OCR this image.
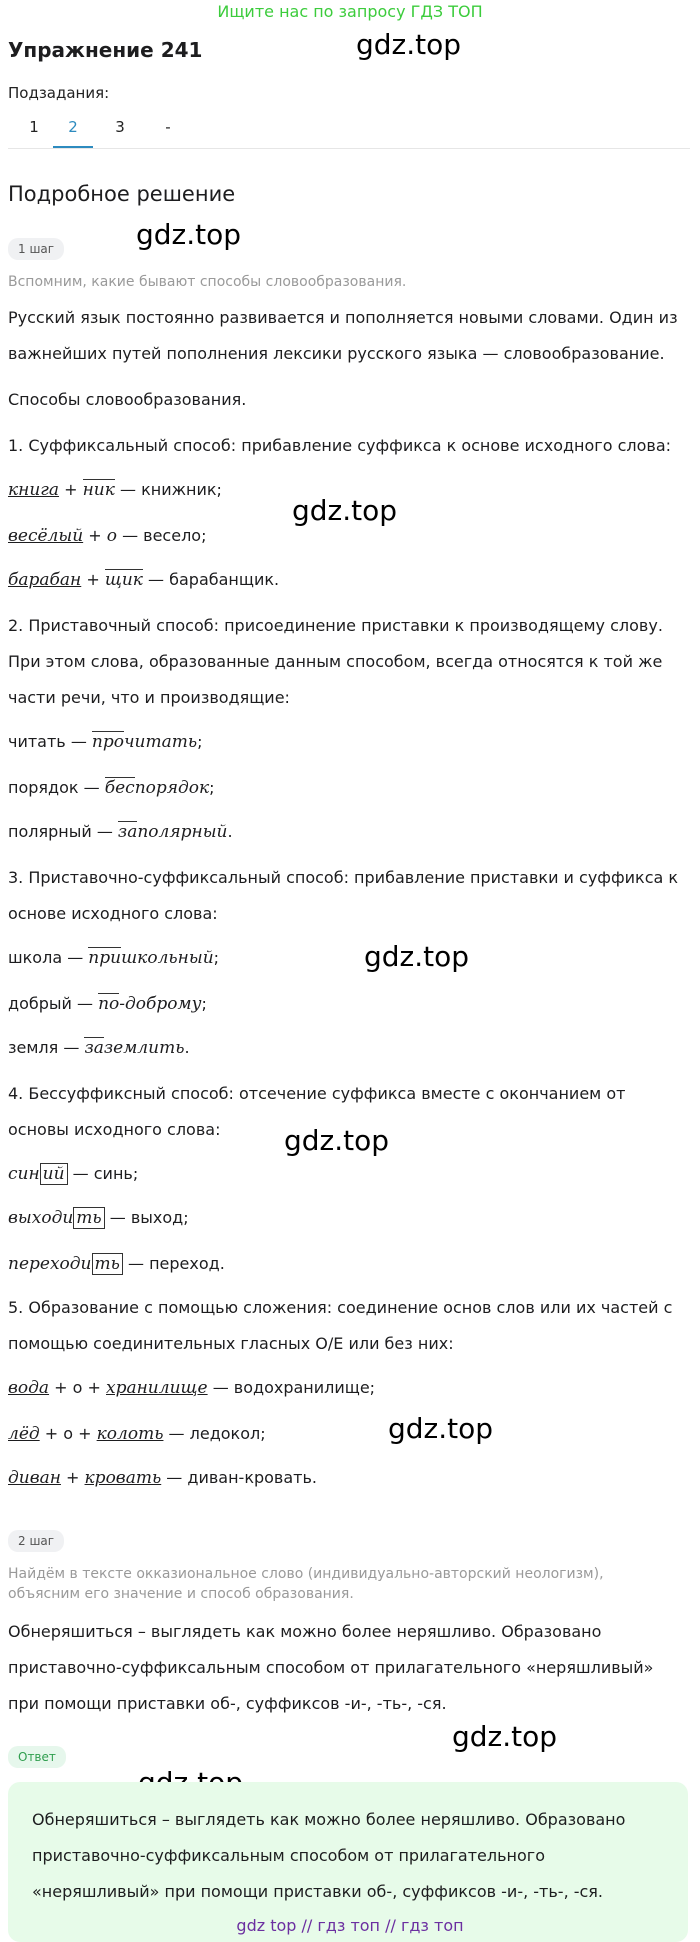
Ищите нас по запросу ГДЗ ТОП
Упражнение 241	gdz.top
gdz.top
gdz.top
gdz.top
gdz.top
gdz.top
gdz.top
Подзадания:
1	2	3	-
Подробное решение
1 шаг
Вспомним, какие бывают способы словообразования.
Русский язык постоянно развивается и пополняется новыми словами. Один из
важнейших путей пополнения лексики русского языка — словообразование.
Способы словообразования.
1. Суффиксальный способ: прибавление суффикса к основе исходного слова:
книга + ник — книжник;
весёлый + о — весело;
барабан + щик — барабанщик.
2. Приставочный способ: присоединение приставки к производящему слову.
При этом слова, образованные данным способом, всегда относятся к той же
части речи, что и производящие:
читать — прочитать;
порядок — беспорядок;
полярный — заполярный.
3. Приставочно-суффиксальный способ: прибавление приставки и суффикса к
основе исходного слова:
школа — пришкольный;
добрый — по-доброму;
земля — заземлить.
4. Бессуффиксный способ: отсечение суффикса вместе с окончанием от
основы исходного слова:
син ий — синь;
выходи ть — выход;
переходи ть — переход.
5. Образование с помощью сложения: соединение основ слов или их частей с
помощью соединительных гласных О/Е или без них:
вода + о + хранилище — водохранилище;
лёд + о + колоть — ледокол;
диван + кровать — диван-кровать.
2 шаг
Найдём в тексте окказиональное слово (индивидуально-авторский неологизм),
объясним его значение и способ образования.
Обнеряшиться – выглядеть как можно более неряшливо. Образовано
приставочно-суффиксальным способом от прилагательного «неряшливый»
при помощи приставки об-, суффиксов -и-, -ть-, -ся.
Ответ
Обнеряшиться – выглядеть как можно более неряшливо. Образовано
приставочно-суффиксальным способом от прилагательного
«неряшливый» при помощи приставки об-, суффиксов -и-, -ть-, -ся.
gdz top // гдз топ // гдз топ
